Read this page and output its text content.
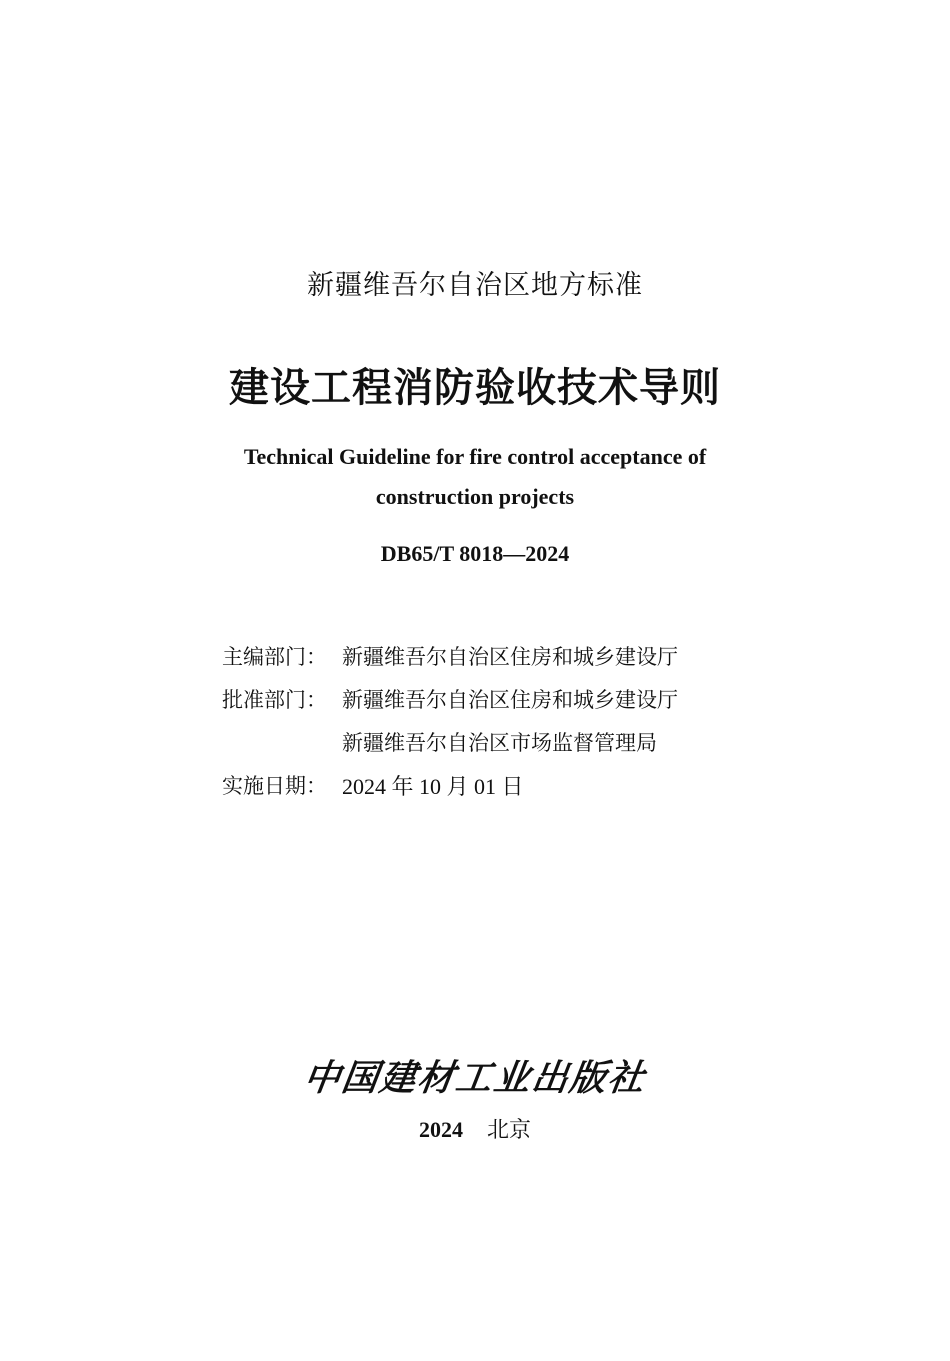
新疆维吾尔自治区地方标准
建设工程消防验收技术导则
Technical Guideline for fire control acceptance of
construction projects
DB65/T 8018—2024
主编部门： 新疆维吾尔自治区住房和城乡建设厅
批准部门： 新疆维吾尔自治区住房和城乡建设厅
新疆维吾尔自治区市场监督管理局
实施日期： 2024 年 10 月 01 日
中国建材工业出版社
2024 北京
